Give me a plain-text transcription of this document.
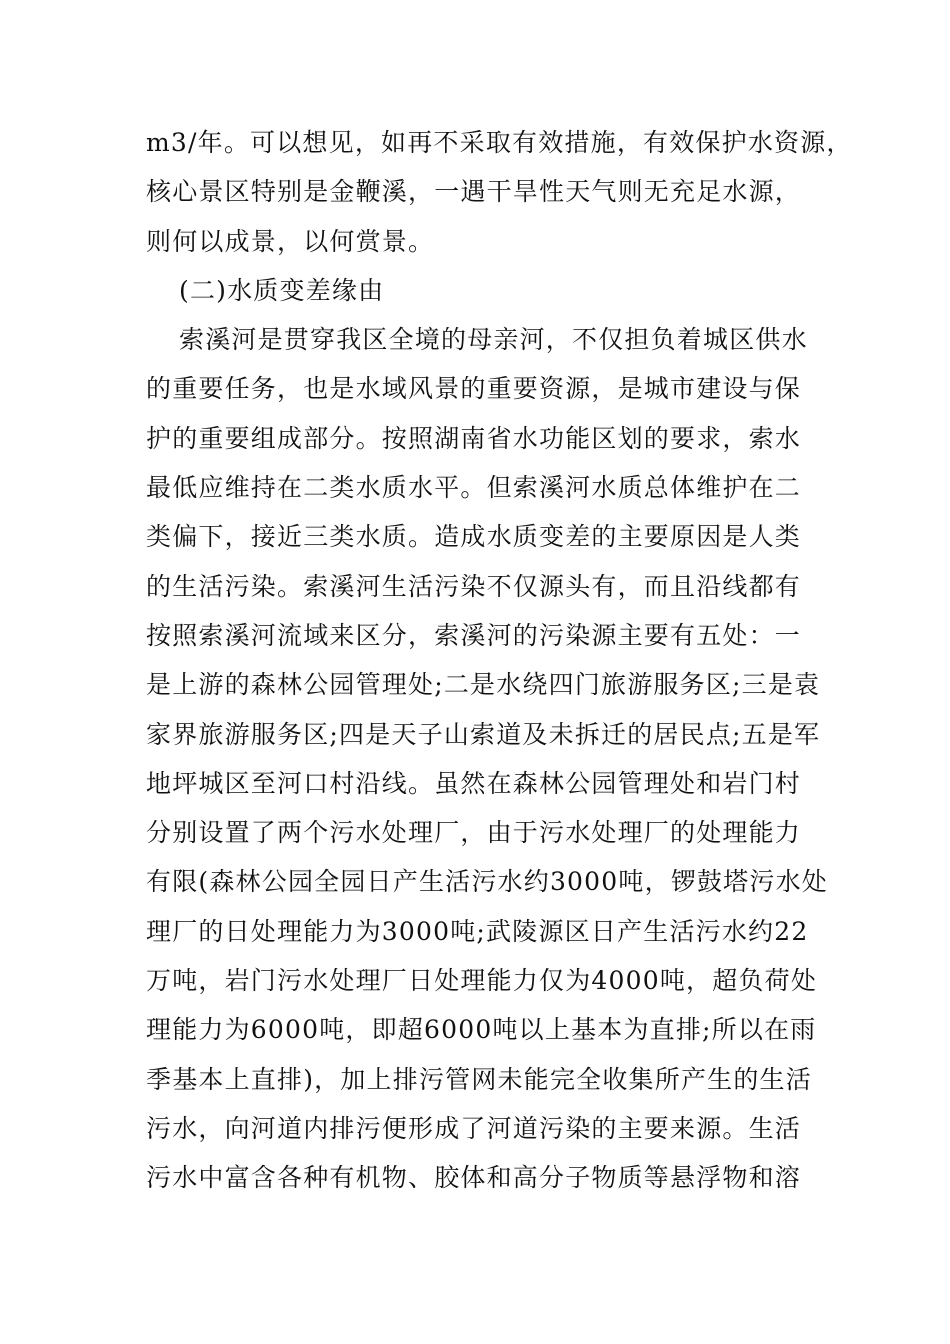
m3/年。可以想见，如再不采取有效措施，有效保护水资源，
核心景区特别是金鞭溪，一遇干旱性天气则无充足水源，
则何以成景，以何赏景。
(二)水质变差缘由
索溪河是贯穿我区全境的母亲河，不仅担负着城区供水
的重要任务，也是水域风景的重要资源，是城市建设与保
护的重要组成部分。按照湖南省水功能区划的要求，索水
最低应维持在二类水质水平。但索溪河水质总体维护在二
类偏下，接近三类水质。造成水质变差的主要原因是人类
的生活污染。索溪河生活污染不仅源头有，而且沿线都有
按照索溪河流域来区分，索溪河的污染源主要有五处：一
是上游的森林公园管理处;二是水绕四门旅游服务区;三是袁
家界旅游服务区;四是天子山索道及未拆迁的居民点;五是军
地坪城区至河口村沿线。虽然在森林公园管理处和岩门村
分别设置了两个污水处理厂，由于污水处理厂的处理能力
有限(森林公园全园日产生活污水约3000吨，锣鼓塔污水处
理厂的日处理能力为3000吨;武陵源区日产生活污水约22
万吨，岩门污水处理厂日处理能力仅为4000吨，超负荷处
理能力为6000吨，即超6000吨以上基本为直排;所以在雨
季基本上直排)，加上排污管网未能完全收集所产生的生活
污水，向河道内排污便形成了河道污染的主要来源。生活
污水中富含各种有机物、胶体和高分子物质等悬浮物和溶
